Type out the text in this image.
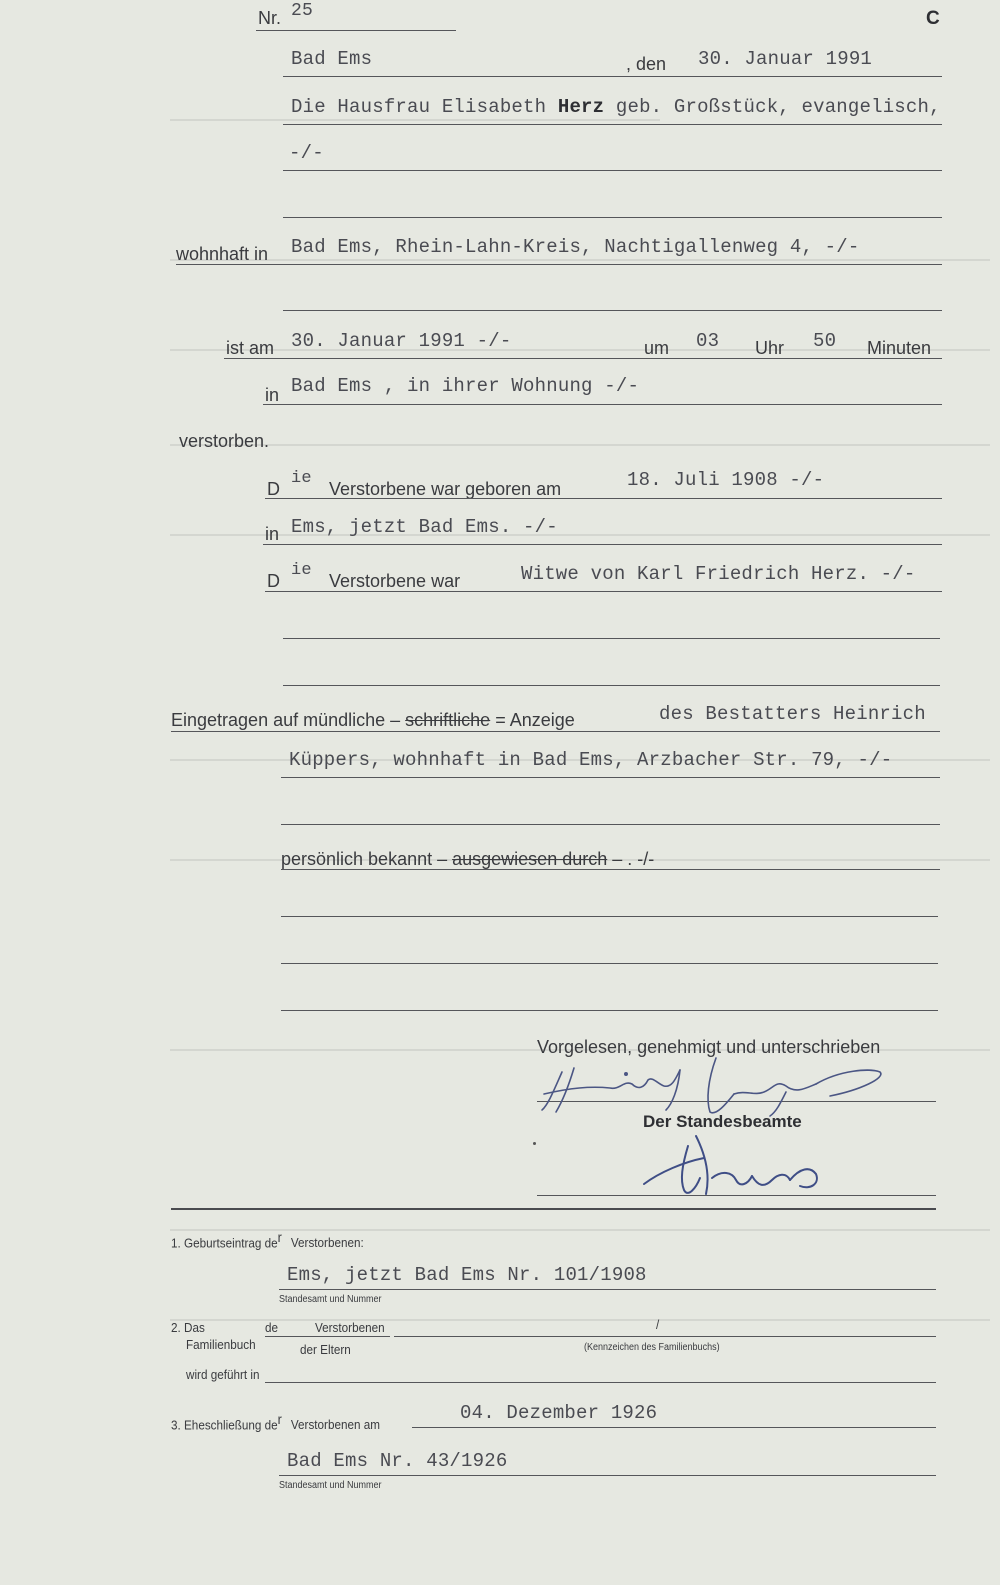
Nr. 25	C
Bad Ems	, den 30. Januar 1991
Die Hausfrau Elisabeth Herz geb. Großstück, evangelisch,
-/-
wohnhaft in Bad Ems, Rhein-Lahn-Kreis, Nachtigallenweg 4, -/-
ist am 30. Januar 1991 -/-	um 03 Uhr 50 Minuten
in Bad Ems , in ihrer Wohnung -/-
verstorben.
D
ie
Verstorbene war geboren am	18. Juli 1908 -/-
in Ems, jetzt Bad Ems. -/-
D
ie
Verstorbene war	Witwe von Karl Friedrich Herz. -/-
Eingetragen auf mündliche – schriftliche = Anzeige	des Bestatters Heinrich
Küppers, wohnhaft in Bad Ems, Arzbacher Str. 79, -/-
persönlich bekannt – ausgewiesen durch – . -/-
Vorgelesen, genehmigt und unterschrieben
Der Standesbeamte
1. Geburtseintrag $de^r$ Verstorbenen:
Ems, jetzt Bad Ems Nr. 101/1908
Standesamt und Nummer
2. Das
Familienbuch
de	Verstorbenen
der Eltern
/
(Kennzeichen des Familienbuchs)
wird geführt in
3. Eheschließung $de^r$ Verstorbenen am
04. Dezember 1926
Bad Ems Nr. 43/1926
Standesamt und Nummer
